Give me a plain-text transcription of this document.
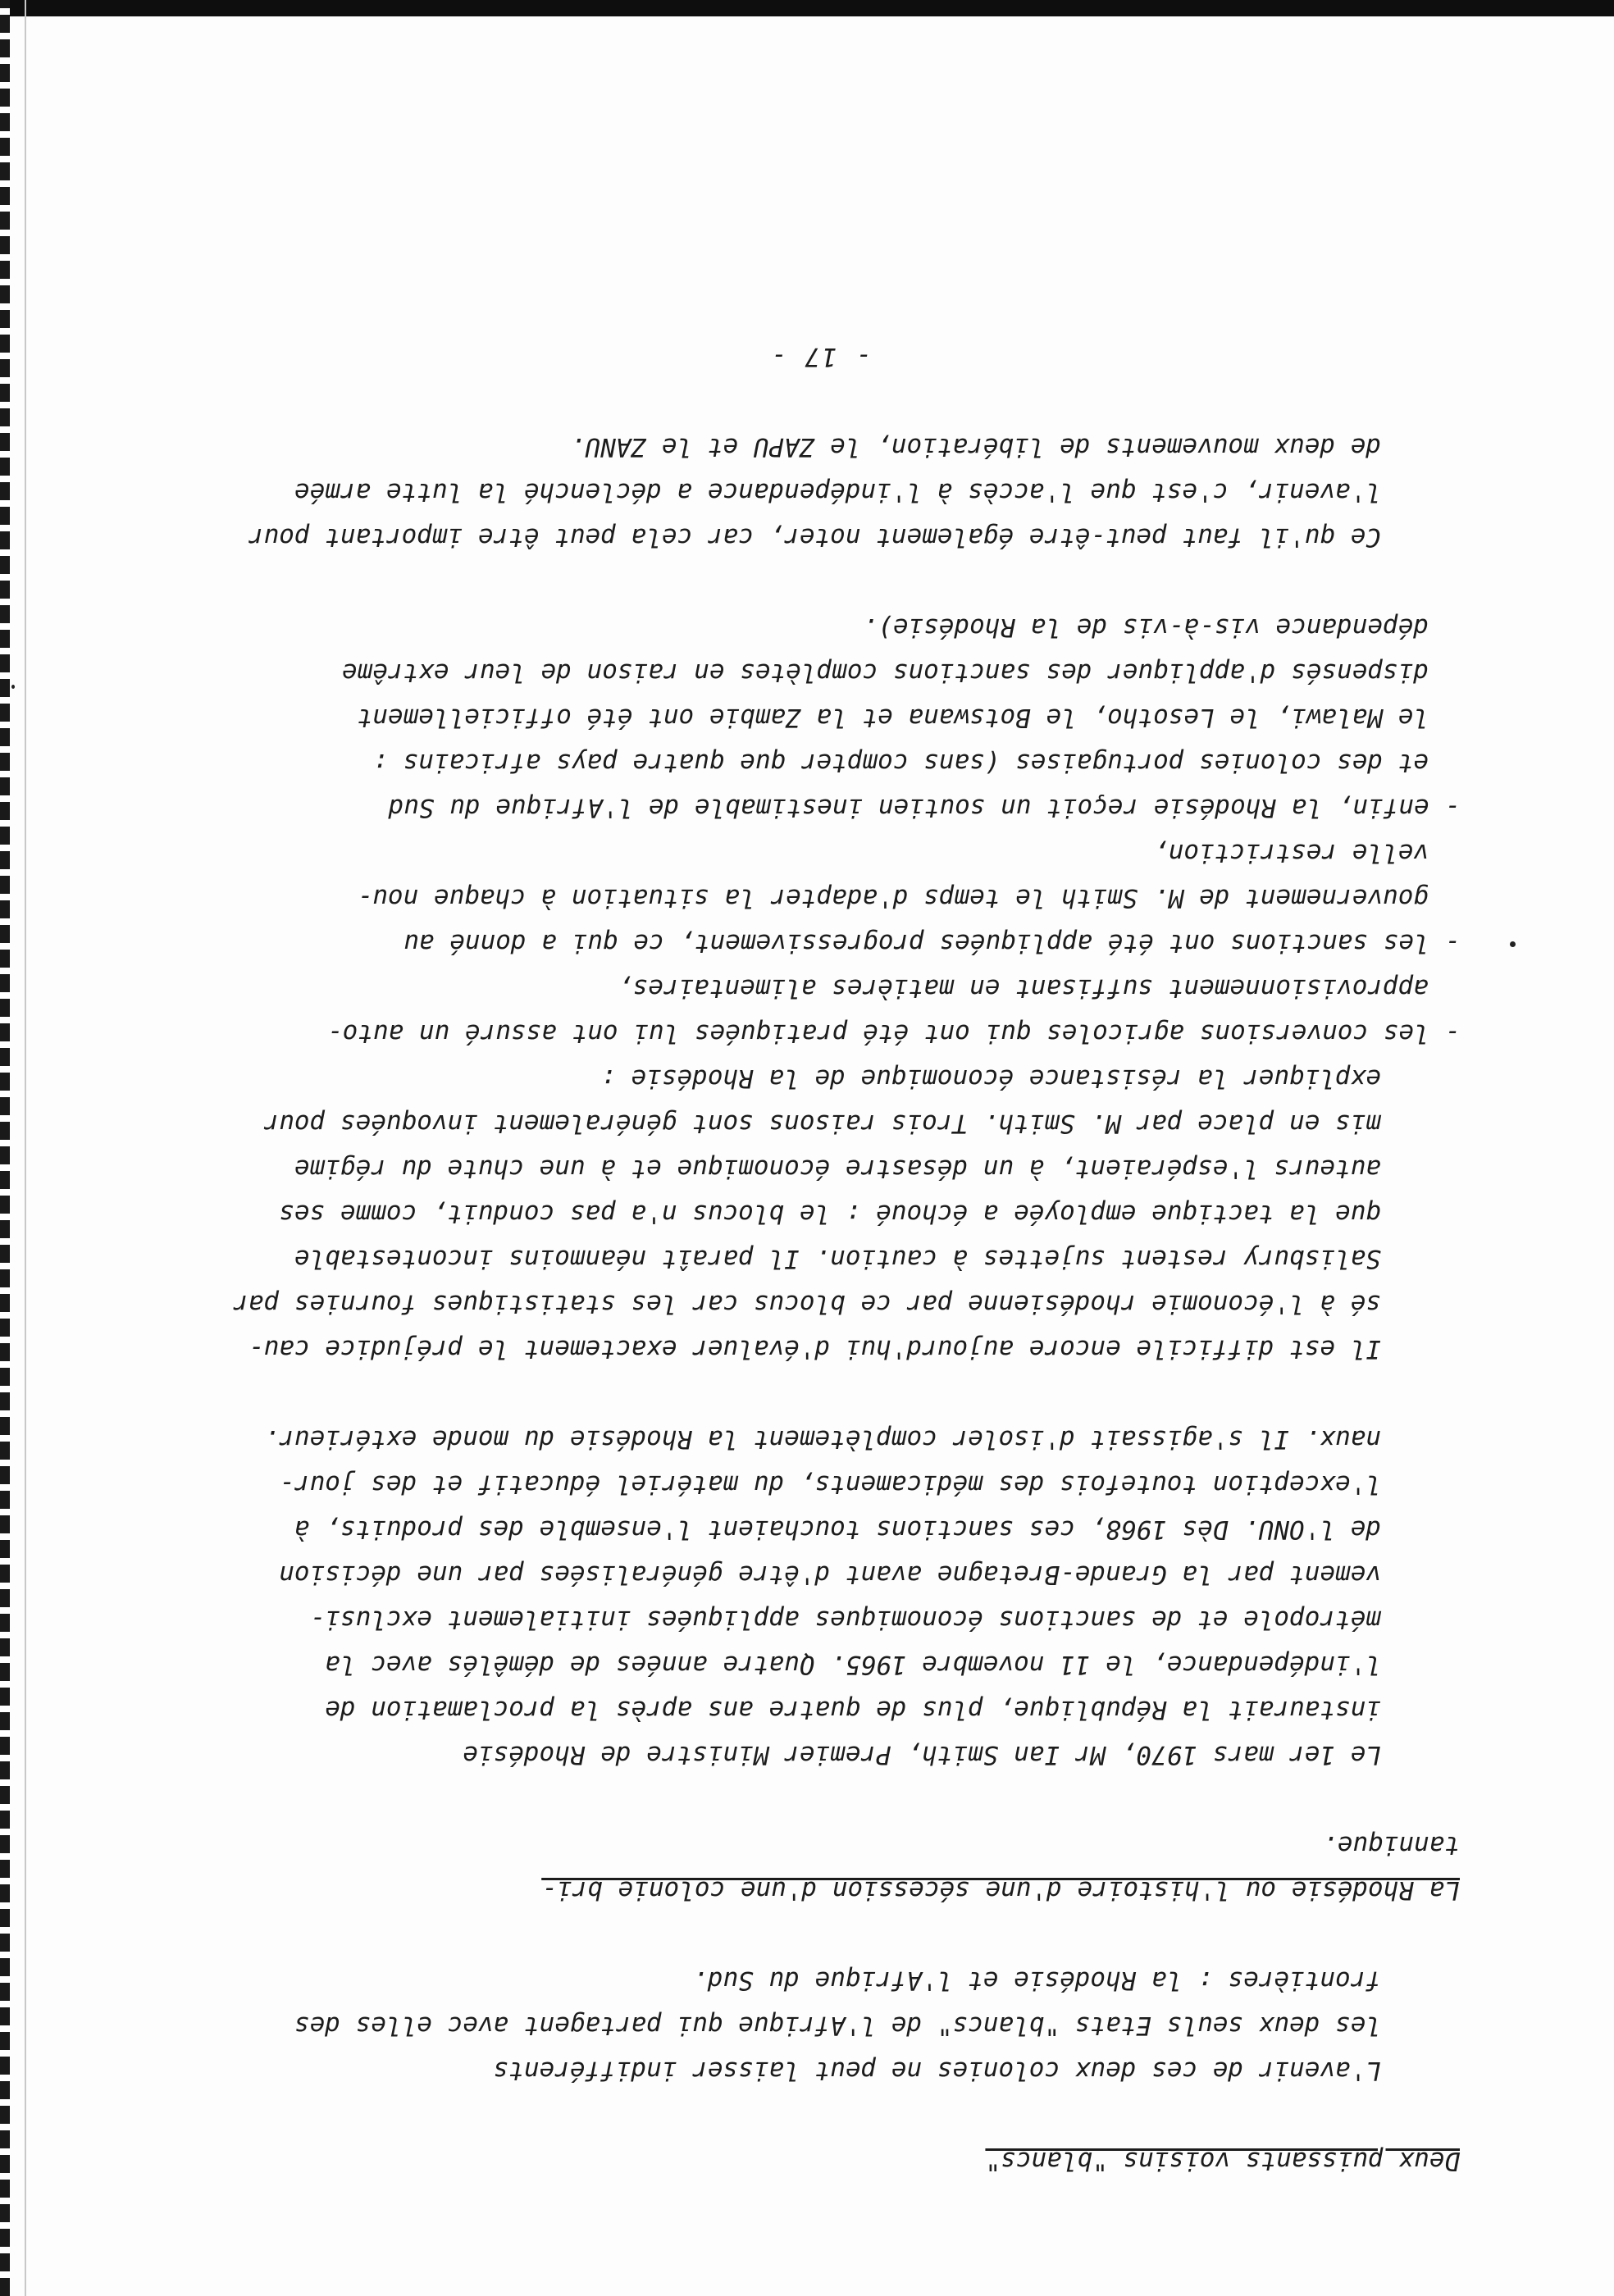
Deux puissants voisins "blancs"

L'avenir de ces deux colonies ne peut laisser indifférents
les deux seuls Etats "blancs" de l'Afrique qui partagent avec elles des
frontières : la Rhodésie et l'Afrique du Sud.

La Rhodésie ou l'histoire d'une sécession d'une colonie bri-
tannique.

Le 1er mars 1970, Mr Ian Smith, Premier Ministre de Rhodésie
instaurait la République, plus de quatre ans après la proclamation de
l'indépendance, le 11 novembre 1965. Quatre années de démêlés avec la
métropole et de sanctions économiques appliquées initialement exclusi-
vement par la Grande-Bretagne avant d'être généralisées par une décision
de l'ONU. Dès 1968, ces sanctions touchaient l'ensemble des produits, à
l'exception toutefois des médicaments, du matériel éducatif et des jour-
naux. Il s'agissait d'isoler complètement la Rhodésie du monde extérieur.

Il est difficile encore aujourd'hui d'évaluer exactement le préjudice cau-
sé à l'économie rhodésienne par ce blocus car les statistiques fournies par
Salisbury restent sujettes à caution. Il paraît néanmoins incontestable
que la tactique employée a échoué : le blocus n'a pas conduit, comme ses
auteurs l'espéraient, à un désastre économique et à une chute du régime
mis en place par M. Smith. Trois raisons sont généralement invoquées pour
expliquer la résistance économique de la Rhodésie :

- les conversions agricoles qui ont été pratiquées lui ont assuré un auto-
approvisionnement suffisant en matières alimentaires,
- les sanctions ont été appliquées progressivement, ce qui a donné au
gouvernement de M. Smith le temps d'adapter la situation à chaque nou-
velle restriction,
- enfin, la Rhodésie reçoit un soutien inestimable de l'Afrique du Sud
et des colonies portugaises (sans compter que quatre pays africains :
le Malawi, le Lesotho, le Botswana et la Zambie ont été officiellement
dispensés d'appliquer des sanctions complètes en raison de leur extrême
dépendance vis-à-vis de la Rhodésie).

Ce qu'il faut peut-être également noter, car cela peut être important pour
l'avenir, c'est que l'accès à l'indépendance a déclenché la lutte armée
de deux mouvements de libération, le ZAPU et le ZANU.

- 17 -
